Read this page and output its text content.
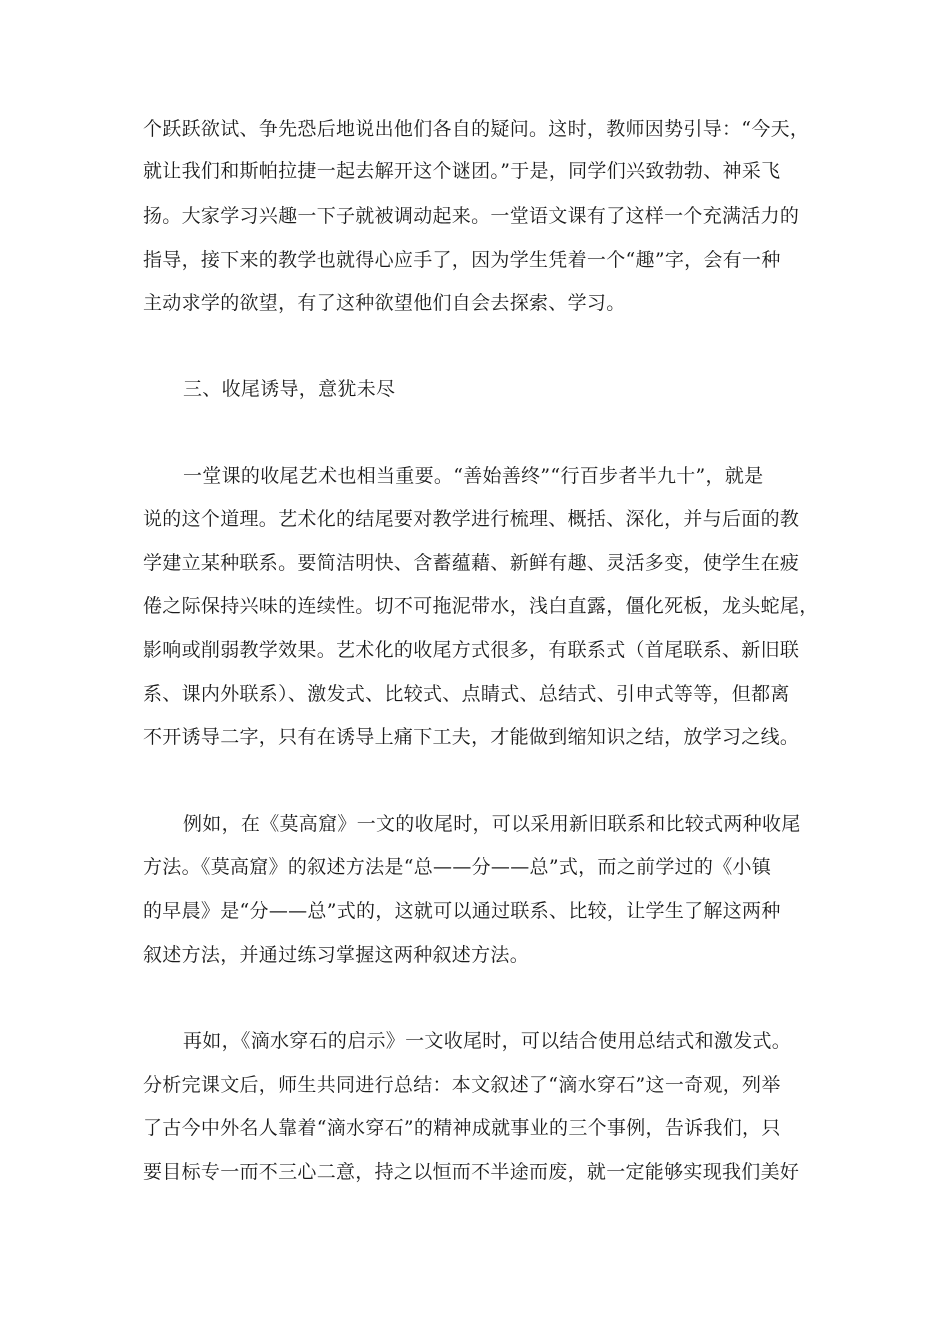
个跃跃欲试、争先恐后地说出他们各自的疑问。这时，教师因势引导：“今天，
就让我们和斯帕拉捷一起去解开这个谜团。”于是，同学们兴致勃勃、神采飞
扬。大家学习兴趣一下子就被调动起来。一堂语文课有了这样一个充满活力的
指导，接下来的教学也就得心应手了，因为学生凭着一个“趣”字，会有一种
主动求学的欲望，有了这种欲望他们自会去探索、学习。
三、收尾诱导，意犹未尽
一堂课的收尾艺术也相当重要。“善始善终”“行百步者半九十”，就是
说的这个道理。艺术化的结尾要对教学进行梳理、概括、深化，并与后面的教
学建立某种联系。要简洁明快、含蓄蕴藉、新鲜有趣、灵活多变，使学生在疲
倦之际保持兴味的连续性。切不可拖泥带水，浅白直露，僵化死板，龙头蛇尾，
影响或削弱教学效果。艺术化的收尾方式很多，有联系式（首尾联系、新旧联
系、课内外联系）、激发式、比较式、点睛式、总结式、引申式等等，但都离
不开诱导二字，只有在诱导上痛下工夫，才能做到缩知识之结，放学习之线。
例如，在《莫高窟》一文的收尾时，可以采用新旧联系和比较式两种收尾
方法。《莫高窟》的叙述方法是“总——分——总”式，而之前学过的《小镇
的早晨》是“分——总”式的，这就可以通过联系、比较，让学生了解这两种
叙述方法，并通过练习掌握这两种叙述方法。
再如，《滴水穿石的启示》一文收尾时，可以结合使用总结式和激发式。
分析完课文后，师生共同进行总结：本文叙述了“滴水穿石”这一奇观，列举
了古今中外名人靠着“滴水穿石”的精神成就事业的三个事例，告诉我们，只
要目标专一而不三心二意，持之以恒而不半途而废，就一定能够实现我们美好
